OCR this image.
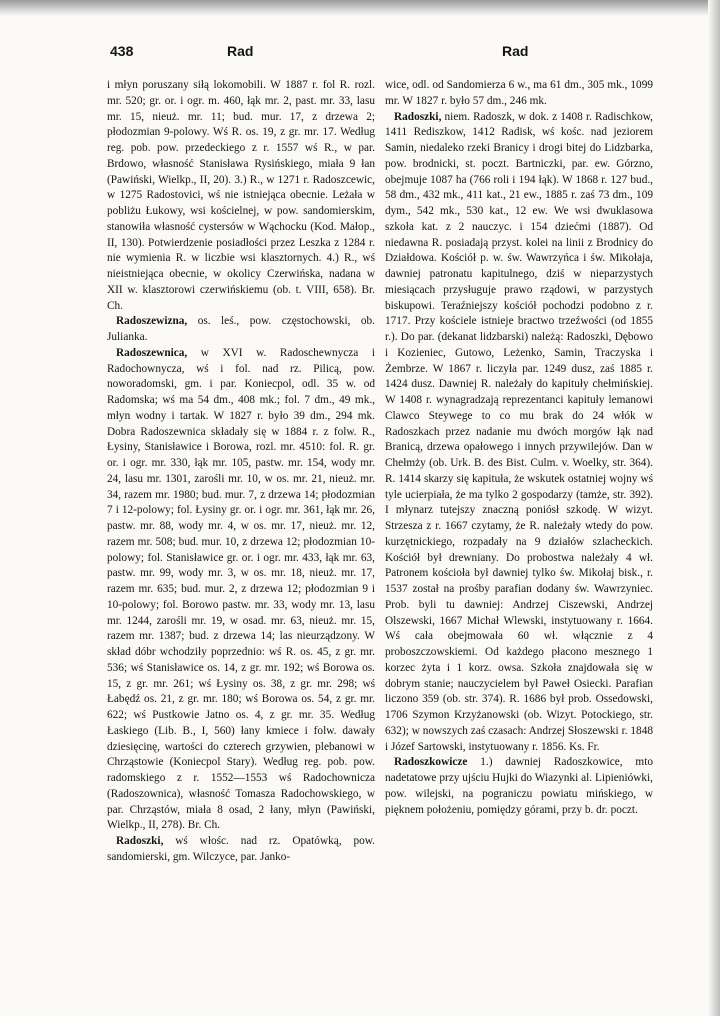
438	Rad	Rad

i młyn poruszany siłą lokomobili. W 1887 r. fol R. rozl. mr. 520; gr. or. i ogr. m. 460, łąk mr. 2, past. mr. 33, lasu mr. 15, nieuż. mr. 11; bud. mur. 17, z drzewa 2; płodozmian 9-polowy. Wś R. os. 19, z gr. mr. 17. Według reg. pob. pow. przedeckiego z r. 1557 wś R., w par. Brdowo, własność Stanisława Rysińskiego, miała 9 łan (Pawiński, Wielkp., II, 20). 3.) R., w 1271 r. Radoszcewic, w 1275 Radostovici, wś nie istniejąca obecnie. Leżała w pobliżu Łukowy, wsi kościelnej, w pow. sandomierskim, stanowiła własność cystersów w Wąchocku (Kod. Małop., II, 130). Potwierdzenie posiadłości przez Leszka z 1284 r. nie wymienia R. w liczbie wsi klasztornych. 4.) R., wś nieistniejąca obecnie, w okolicy Czerwińska, nadana w XII w. klasztorowi czerwińskiemu (ob. t. VIII, 658). Br. Ch.

Radoszewizna, os. leś., pow. częstochowski, ob. Julianka.

Radoszewnica, w XVI w. Radoschewnycza i Radochownycza, wś i fol. nad rz. Pilicą, pow. noworadomski, gm. i par. Koniecpol, odl. 35 w. od Radomska; wś ma 54 dm., 408 mk.; fol. 7 dm., 49 mk., młyn wodny i tartak. W 1827 r. było 39 dm., 294 mk. Dobra Radoszewnica składały się w 1884 r. z folw. R., Łysiny, Stanisławice i Borowa, rozl. mr. 4510: fol. R. gr. or. i ogr. mr. 330, łąk mr. 105, pastw. mr. 154, wody mr. 24, lasu mr. 1301, zarośli mr. 10, w os. mr. 21, nieuż. mr. 34, razem mr. 1980; bud. mur. 7, z drzewa 14; płodozmian 7 i 12-polowy; fol. Łysiny gr. or. i ogr. mr. 361, łąk mr. 26, pastw. mr. 88, wody mr. 4, w os. mr. 17, nieuż. mr. 12, razem mr. 508; bud. mur. 10, z drzewa 12; płodozmian 10-polowy; fol. Stanisławice gr. or. i ogr. mr. 433, łąk mr. 63, pastw. mr. 99, wody mr. 3, w os. mr. 18, nieuż. mr. 17, razem mr. 635; bud. mur. 2, z drzewa 12; płodozmian 9 i 10-polowy; fol. Borowo pastw. mr. 33, wody mr. 13, lasu mr. 1244, zarośli mr. 19, w osad. mr. 63, nieuż. mr. 15, razem mr. 1387; bud. z drzewa 14; las nieurządzony. W skład dóbr wchodziły poprzednio: wś R. os. 45, z gr. mr. 536; wś Stanisławice os. 14, z gr. mr. 192; wś Borowa os. 15, z gr. mr. 261; wś Łysiny os. 38, z gr. mr. 298; wś Łabędź os. 21, z gr. mr. 180; wś Borowa os. 54, z gr. mr. 622; wś Pustkowie Jatno os. 4, z gr. mr. 35. Według Łaskiego (Lib. B., I, 560) łany kmiece i folw. dawały dziesięcinę, wartości do czterech grzywien, plebanowi w Chrząstowie (Koniecpol Stary). Według reg. pob. pow. radomskiego z r. 1552—1553 wś Radochownicza (Radoszownica), własność Tomasza Radochowskiego, w par. Chrząstów, miała 8 osad, 2 łany, młyn (Pawiński, Wielkp., II, 278). Br. Ch.

Radoszki, wś włośc. nad rz. Opatówką, pow. sandomierski, gm. Wilczyce, par. Janko-

wice, odl. od Sandomierza 6 w., ma 61 dm., 305 mk., 1099 mr. W 1827 r. było 57 dm., 246 mk.

Radoszki, niem. Radoszk, w dok. z 1408 r. Radischkow, 1411 Rediszkow, 1412 Radisk, wś kośc. nad jeziorem Samin, niedaleko rzeki Branicy i drogi bitej do Lidzbarka, pow. brodnicki, st. poczt. Bartniczki, par. ew. Górzno, obejmuje 1087 ha (766 roli i 194 łąk). W 1868 r. 127 bud., 58 dm., 432 mk., 411 kat., 21 ew., 1885 r. zaś 73 dm., 109 dym., 542 mk., 530 kat., 12 ew. We wsi dwuklasowa szkoła kat. z 2 nauczyc. i 154 dziećmi (1887). Od niedawna R. posiadają przyst. kolei na linii z Brodnicy do Działdowa. Kościół p. w. św. Wawrzyńca i św. Mikołaja, dawniej patronatu kapitulnego, dziś w nieparzystych miesiącach przysługuje prawo rządowi, w parzystych biskupowi. Teraźniejszy kościół pochodzi podobno z r. 1717. Przy kościele istnieje bractwo trzeźwości (od 1855 r.). Do par. (dekanat lidzbarski) należą: Radoszki, Dębowo i Kozieniec, Gutowo, Leżenko, Samin, Traczyska i Żembrze. W 1867 r. liczyła par. 1249 dusz, zaś 1885 r. 1424 dusz. Dawniej R. należały do kapituły chełmińskiej. W 1408 r. wynagradzają reprezentanci kapituły lemanowi Clawco Steywege to co mu brak do 24 włók w Radoszkach przez nadanie mu dwóch morgów łąk nad Branicą, drzewa opałowego i innych przywilejów. Dan w Chełmży (ob. Urk. B. des Bist. Culm. v. Woelky, str. 364). R. 1414 skarzy się kapituła, że wskutek ostatniej wojny wś tyle ucierpiała, że ma tylko 2 gospodarzy (tamże, str. 392). I młynarz tutejszy znaczną poniósł szkodę. W wizyt. Strzesza z r. 1667 czytamy, że R. należały wtedy do pow. kurzętnickiego, rozpadały na 9 działów szlacheckich. Kościół był drewniany. Do probostwa należały 4 wł. Patronem kościoła był dawniej tylko św. Mikołaj bisk., r. 1537 został na prośby parafian dodany św. Wawrzyniec. Prob. byli tu dawniej: Andrzej Ciszewski, Andrzej Olszewski, 1667 Michał Wlewski, instytuowany r. 1664. Wś cała obejmowała 60 wł. włącznie z 4 proboszczowskiemi. Od każdego płacono mesznego 1 korzec żyta i 1 korz. owsa. Szkoła znajdowała się w dobrym stanie; nauczycielem był Paweł Osiecki. Parafian liczono 359 (ob. str. 374). R. 1686 był prob. Ossedowski, 1706 Szymon Krzyżanowski (ob. Wizyt. Potockiego, str. 632); w nowszych zaś czasach: Andrzej Słoszewski r. 1848 i Józef Sartowski, instytuowany r. 1856. Ks. Fr.

Radoszkowicze 1.) dawniej Radoszkowice, mto nadetatowe przy ujściu Hujki do Wiazynki al. Lipieniówki, pow. wilejski, na pograniczu powiatu mińskiego, w pięknem położeniu, pomiędzy górami, przy b. dr. poczt.
